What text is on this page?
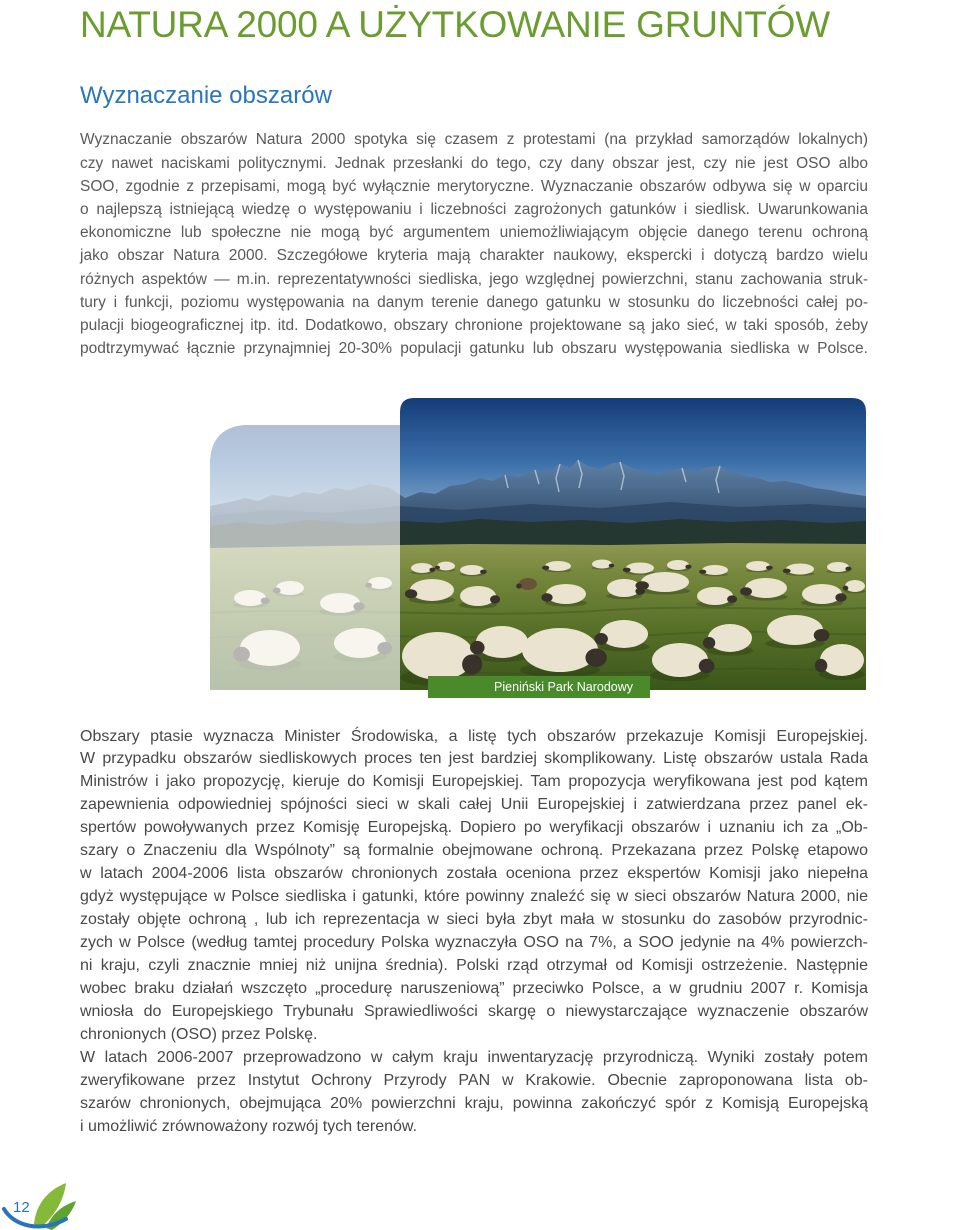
NATURA 2000 A UŻYTKOWANIE GRUNTÓW
Wyznaczanie obszarów
Wyznaczanie obszarów Natura 2000 spotyka się czasem z protestami (na przykład samorządów lokalnych)
czy nawet naciskami politycznymi. Jednak przesłanki do tego, czy dany obszar jest, czy nie jest OSO albo
SOO, zgodnie z przepisami, mogą być wyłącznie merytoryczne. Wyznaczanie obszarów odbywa się w oparciu
o najlepszą istniejącą wiedzę o występowaniu i liczebności zagrożonych gatunków i siedlisk. Uwarunkowania
ekonomiczne lub społeczne nie mogą być argumentem uniemożliwiającym objęcie danego terenu ochroną
jako obszar Natura 2000. Szczegółowe kryteria mają charakter naukowy, ekspercki i dotyczą bardzo wielu
różnych aspektów — m.in. reprezentatywności siedliska, jego względnej powierzchni, stanu zachowania struk-
tury i funkcji, poziomu występowania na danym terenie danego gatunku w stosunku do liczebności całej po-
pulacji biogeograficznej itp. itd. Dodatkowo, obszary chronione projektowane są jako sieć, w taki sposób, żeby
podtrzymywać łącznie przynajmniej 20-30% populacji gatunku lub obszaru występowania siedliska w Polsce.
Pieniński Park Narodowy
Obszary ptasie wyznacza Minister Środowiska, a listę tych obszarów przekazuje Komisji Europejskiej.
W przypadku obszarów siedliskowych proces ten jest bardziej skomplikowany. Listę obszarów ustala Rada
Ministrów i jako propozycję, kieruje do Komisji Europejskiej. Tam propozycja weryfikowana jest pod kątem
zapewnienia odpowiedniej spójności sieci w skali całej Unii Europejskiej i zatwierdzana przez panel ek-
spertów powoływanych przez Komisję Europejską. Dopiero po weryfikacji obszarów i uznaniu ich za „Ob-
szary o Znaczeniu dla Wspólnoty” są formalnie obejmowane ochroną. Przekazana przez Polskę etapowo
w latach 2004-2006 lista obszarów chronionych została oceniona przez ekspertów Komisji jako niepełna
gdyż występujące w Polsce siedliska i gatunki, które powinny znaleźć się w sieci obszarów Natura 2000, nie
zostały objęte ochroną , lub ich reprezentacja w sieci była zbyt mała w stosunku do zasobów przyrodnic-
zych w Polsce (według tamtej procedury Polska wyznaczyła OSO na 7%, a SOO jedynie na 4% powierzch-
ni kraju, czyli znacznie mniej niż unijna średnia). Polski rząd otrzymał od Komisji ostrzeżenie. Następnie
wobec braku działań wszczęto „procedurę naruszeniową” przeciwko Polsce, a w grudniu 2007 r. Komisja
wniosła do Europejskiego Trybunału Sprawiedliwości skargę o niewystarczające wyznaczenie obszarów
chronionych (OSO) przez Polskę.
W latach 2006-2007 przeprowadzono w całym kraju inwentaryzację przyrodniczą. Wyniki zostały potem
zweryfikowane przez Instytut Ochrony Przyrody PAN w Krakowie. Obecnie zaproponowana lista ob-
szarów chronionych, obejmująca 20% powierzchni kraju, powinna zakończyć spór z Komisją Europejską
i umożliwić zrównoważony rozwój tych terenów.
12
